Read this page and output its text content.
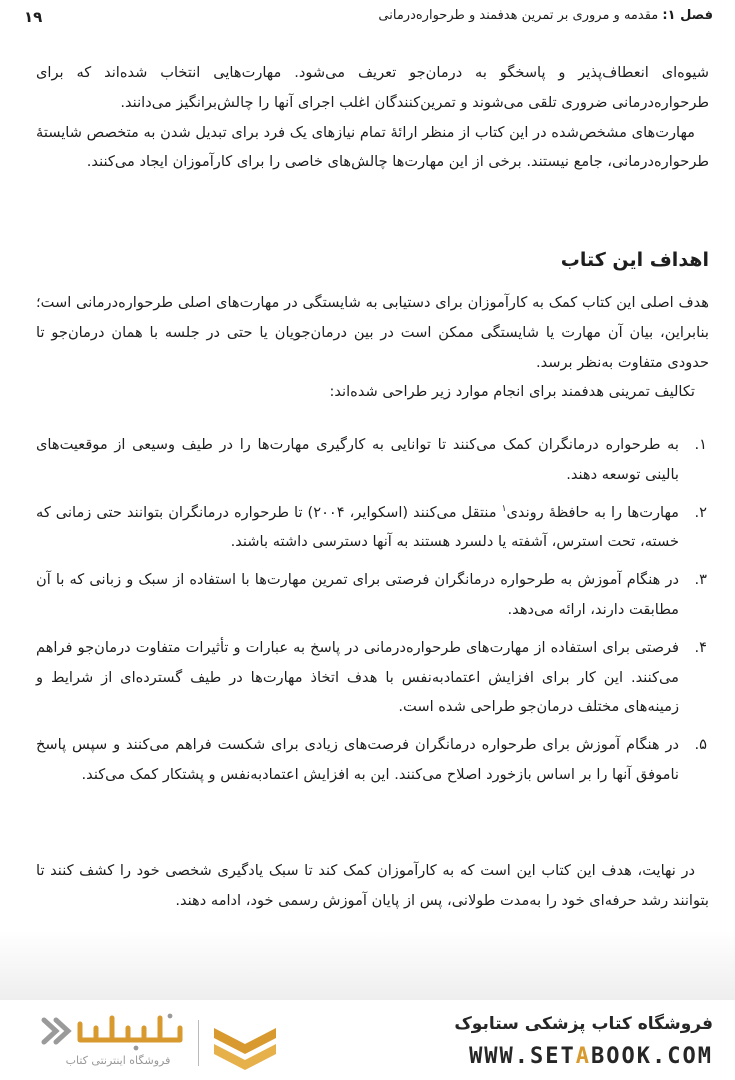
فصل ۱: مقدمه و مروری بر تمرین هدفمند و طرحواره‌درمانی
۱۹

شیوه‌ای انعطاف‌پذیر و پاسخگو به درمان‌جو تعریف می‌شود. مهارت‌هایی انتخاب شده‌اند که برای طرحواره‌درمانی ضروری تلقی می‌شوند و تمرین‌کنندگان اغلب اجرای آنها را چالش‌برانگیز می‌دانند.

مهارت‌های مشخص‌شده در این کتاب از منظر ارائهٔ تمام نیازهای یک فرد برای تبدیل شدن به متخصص شایستهٔ طرحواره‌درمانی، جامع نیستند. برخی از این مهارت‌ها چالش‌های خاصی را برای کارآموزان ایجاد می‌کنند.

اهداف این کتاب

هدف اصلی این کتاب کمک به کارآموزان برای دستیابی به شایستگی در مهارت‌های اصلی طرحواره‌درمانی است؛ بنابراین، بیان آن مهارت یا شایستگی ممکن است در بین درمان‌جویان یا حتی در جلسه با همان درمان‌جو تا حدودی متفاوت به‌نظر برسد.

تکالیف تمرینی هدفمند برای انجام موارد زیر طراحی شده‌اند:

۱.
به طرحواره درمانگران کمک می‌کنند تا توانایی به کارگیری مهارت‌ها را در طیف وسیعی از موقعیت‌های بالینی توسعه دهند.
۲.
مهارت‌ها را به حافظهٔ روندی$^۱$ منتقل می‌کنند (اسکوایر، ۲۰۰۴) تا طرحواره درمانگران بتوانند حتی زمانی که خسته، تحت استرس، آشفته یا دلسرد هستند به آنها دسترسی داشته باشند.
۳.
در هنگام آموزش به طرحواره درمانگران فرصتی برای تمرین مهارت‌ها با استفاده از سبک و زبانی که با آن مطابقت دارند، ارائه می‌دهد.
۴.
فرصتی برای استفاده از مهارت‌های طرحواره‌درمانی در پاسخ به عبارات و تأثیرات متفاوت درمان‌جو فراهم می‌کنند. این کار برای افزایش اعتمادبه‌نفس با هدف اتخاذ مهارت‌ها در طیف گسترده‌ای از شرایط و زمینه‌های مختلف درمان‌جو طراحی شده است.
۵.
در هنگام آموزش برای طرحواره درمانگران فرصت‌های زیادی برای شکست فراهم می‌کنند و سپس پاسخ ناموفق آنها را بر اساس بازخورد اصلاح می‌کنند. این به افزایش اعتمادبه‌نفس و پشتکار کمک می‌کند.

در نهایت، هدف این کتاب این است که به کارآموزان کمک کند تا سبک یادگیری شخصی خود را کشف کنند تا بتوانند رشد حرفه‌ای خود را به‌مدت طولانی، پس از پایان آموزش رسمی خود، ادامه دهند.

فروشگاه کتاب پزشکی ستابوک
WWW.SETABOOK.COM
فروشگاه اینترنتی کتاب
